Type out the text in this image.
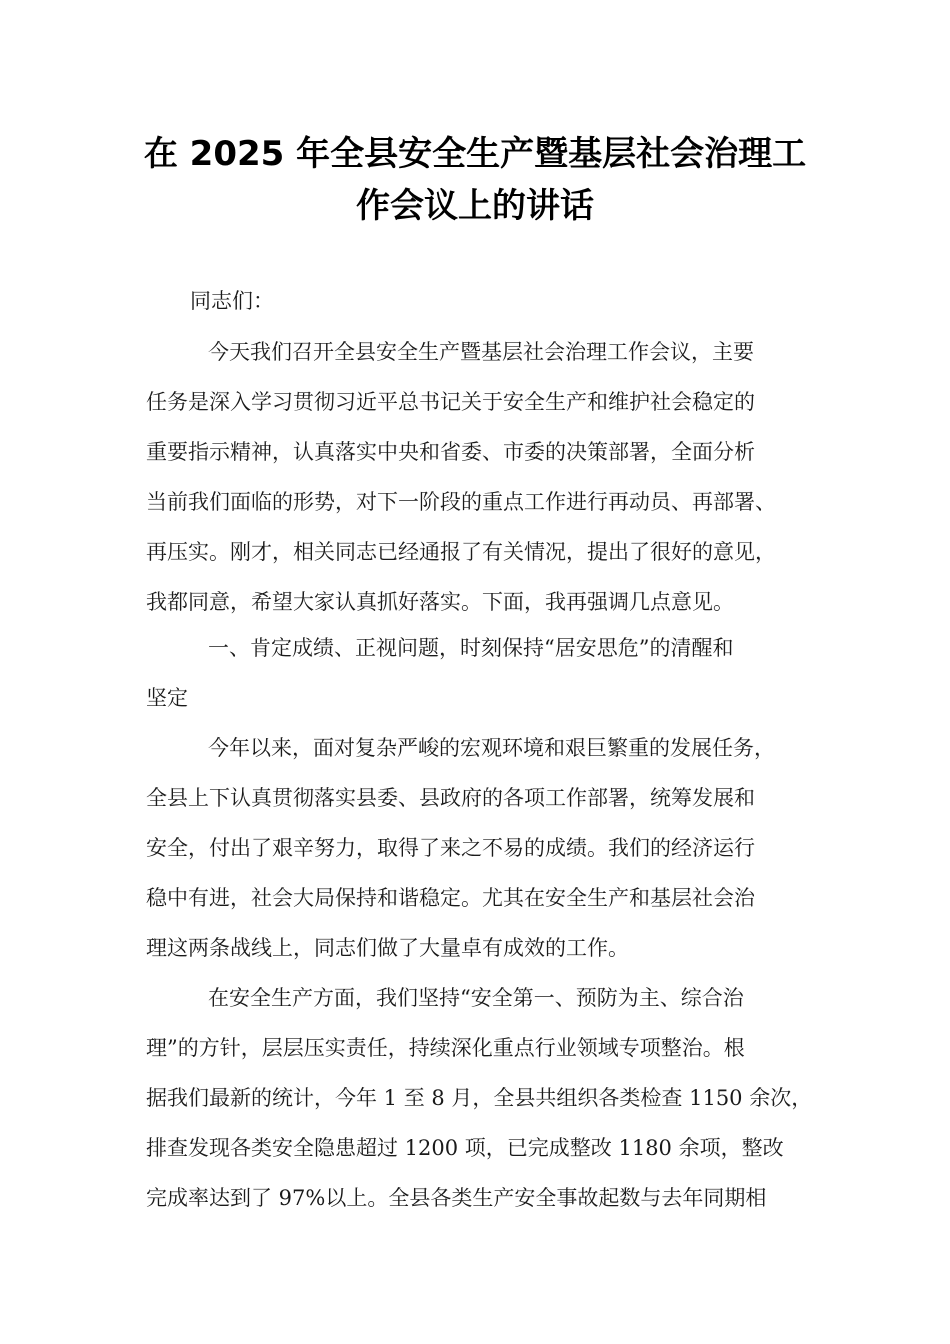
在 2025 年全县安全生产暨基层社会治理工
作会议上的讲话

同志们：

今天我们召开全县安全生产暨基层社会治理工作会议，主要

任务是深入学习贯彻习近平总书记关于安全生产和维护社会稳定的

重要指示精神，认真落实中央和省委、市委的决策部署，全面分析

当前我们面临的形势，对下一阶段的重点工作进行再动员、再部署、

再压实。刚才，相关同志已经通报了有关情况，提出了很好的意见，

我都同意，希望大家认真抓好落实。下面，我再强调几点意见。

一、肯定成绩、正视问题，时刻保持“居安思危”的清醒和

坚定

今年以来，面对复杂严峻的宏观环境和艰巨繁重的发展任务，

全县上下认真贯彻落实县委、县政府的各项工作部署，统筹发展和

安全，付出了艰辛努力，取得了来之不易的成绩。我们的经济运行

稳中有进，社会大局保持和谐稳定。尤其在安全生产和基层社会治

理这两条战线上，同志们做了大量卓有成效的工作。

在安全生产方面，我们坚持“安全第一、预防为主、综合治

理”的方针，层层压实责任，持续深化重点行业领域专项整治。根

据我们最新的统计，今年 1 至 8 月，全县共组织各类检查 1150 余次，

排查发现各类安全隐患超过 1200 项，已完成整改 1180 余项，整改

完成率达到了 97%以上。全县各类生产安全事故起数与去年同期相
